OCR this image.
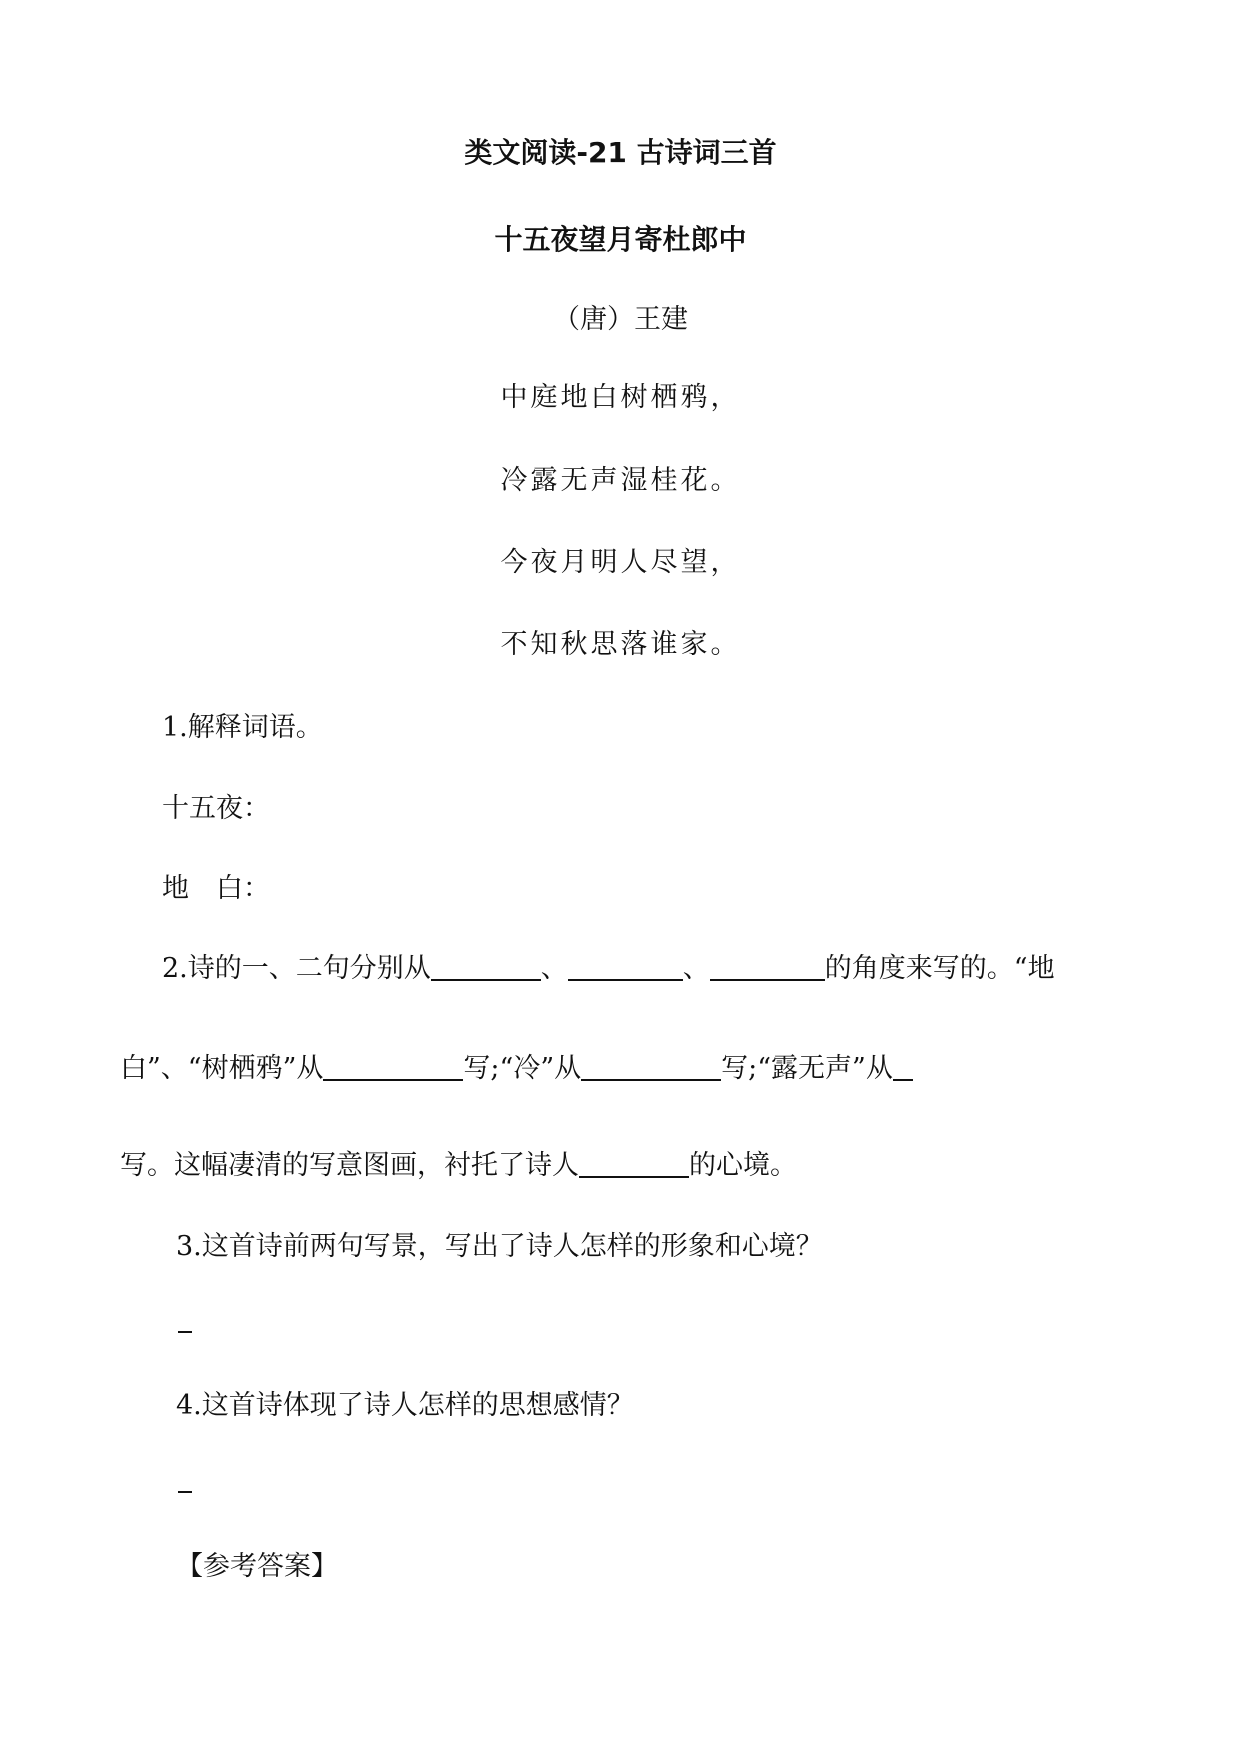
类文阅读-21 古诗词三首
十五夜望月寄杜郎中
（唐）王建
中庭地白树栖鸦，
冷露无声湿桂花。
今夜月明人尽望，
不知秋思落谁家。
1.解释词语。
十五夜：
地　白：
2.诗的一、二句分别从	、	、	的角度来写的。“地
白”、“树栖鸦”从	写;“冷”从	写;“露无声”从
写。这幅凄清的写意图画，衬托了诗人	的心境。
3.这首诗前两句写景，写出了诗人怎样的形象和心境？
4.这首诗体现了诗人怎样的思想感情？
【参考答案】
